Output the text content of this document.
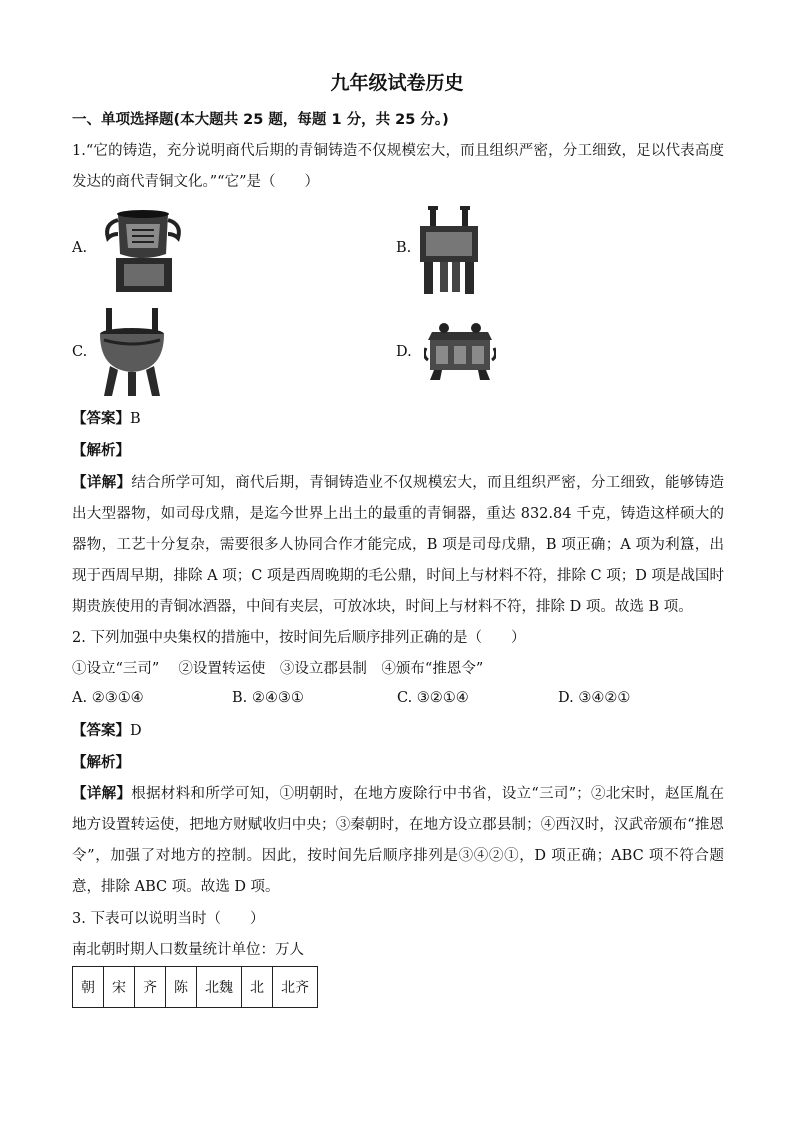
九年级试卷历史
一、单项选择题(本大题共 25 题，每题 1 分，共 25 分。)
1.“它的铸造，充分说明商代后期的青铜铸造不仅规模宏大，而且组织严密，分工细致，足以代表高度发达的商代青铜文化。”“它”是（　　）
A.	B.
C.	D.
【答案】B
【解析】
【详解】结合所学可知，商代后期，青铜铸造业不仅规模宏大，而且组织严密，分工细致，能够铸造出大型器物，如司母戊鼎，是迄今世界上出土的最重的青铜器，重达 832.84 千克，铸造这样硕大的器物，工艺十分复杂，需要很多人协同合作才能完成，B 项是司母戊鼎，B 项正确；A 项为利簋，出现于西周早期，排除 A 项；C 项是西周晚期的毛公鼎，时间上与材料不符，排除 C 项；D 项是战国时期贵族使用的青铜冰酒器，中间有夹层，可放冰块，时间上与材料不符，排除 D 项。故选 B 项。
2. 下列加强中央集权的措施中，按时间先后顺序排列正确的是（　　）
①设立“三司”　 ②设置转运使　③设立郡县制　④颁布“推恩令”
A. ②③①④	B. ②④③①	C. ③②①④	D. ③④②①
【答案】D
【解析】
【详解】根据材料和所学可知，①明朝时，在地方废除行中书省，设立“三司”；②北宋时，赵匡胤在地方设置转运使，把地方财赋收归中央；③秦朝时，在地方设立郡县制；④西汉时，汉武帝颁布“推恩令”，加强了对地方的控制。因此，按时间先后顺序排列是③④②①，D 项正确；ABC 项不符合题意，排除 ABC 项。故选 D 项。
3. 下表可以说明当时（　　）
南北朝时期人口数量统计单位：万人
朝	宋	齐	陈	北魏	北	北齐
